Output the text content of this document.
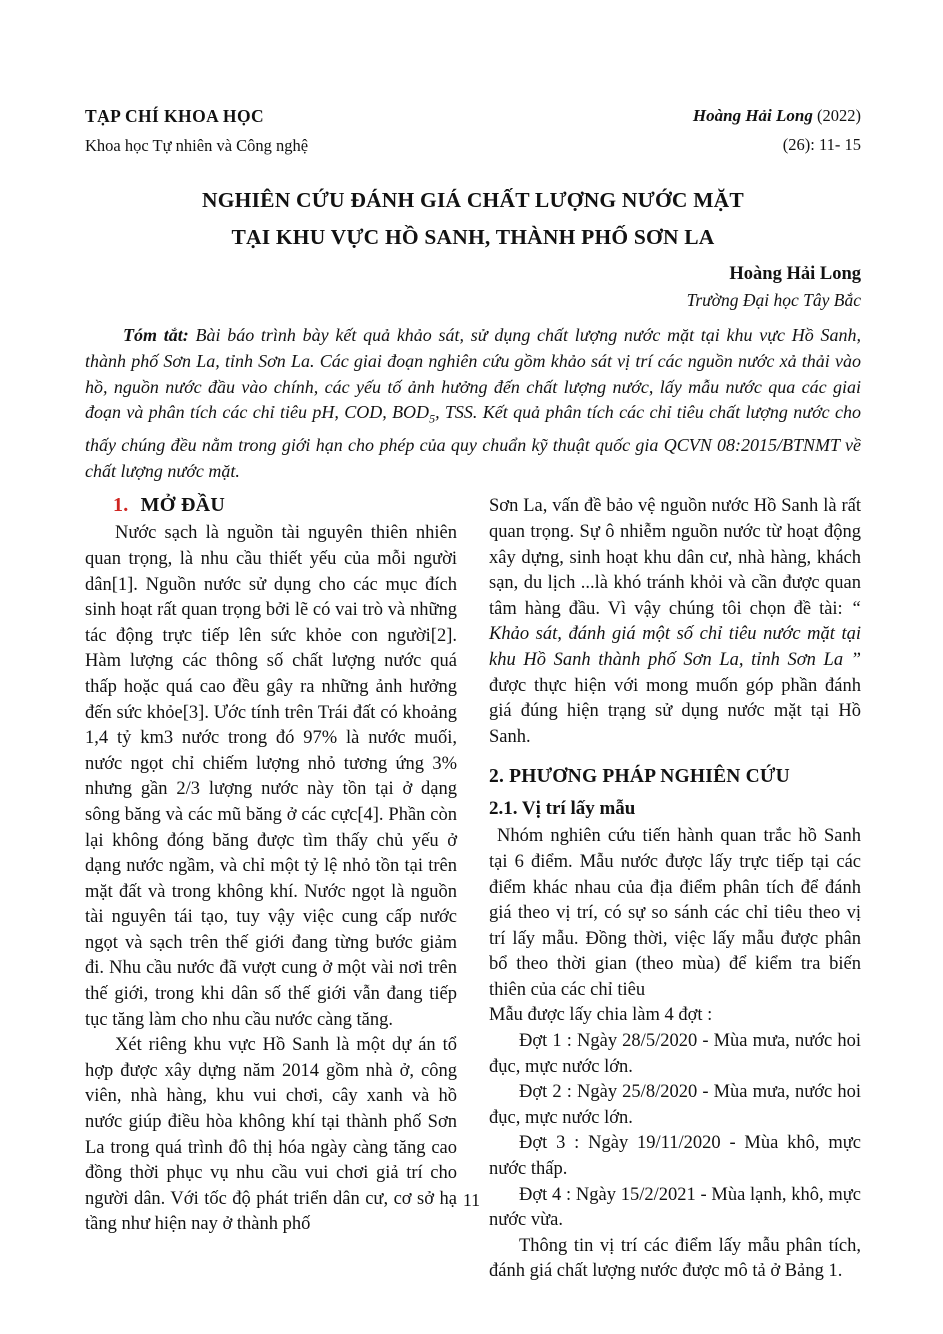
TẠP CHÍ KHOA HỌC
Khoa học Tự nhiên và Công nghệ
Hoàng Hải Long (2022)
(26): 11- 15
NGHIÊN CỨU ĐÁNH GIÁ CHẤT LƯỢNG NƯỚC MẶT
TẠI KHU VỰC HỒ SANH, THÀNH PHỐ SƠN LA
Hoàng Hải Long
Trường Đại học Tây Bắc

Tóm tắt: Bài báo trình bày kết quả khảo sát, sử dụng chất lượng nước mặt tại khu vực Hồ Sanh, thành phố Sơn La, tỉnh Sơn La. Các giai đoạn nghiên cứu gồm khảo sát vị trí các nguồn nước xả thải vào hồ, nguồn nước đầu vào chính, các yếu tố ảnh hưởng đến chất lượng nước, lấy mẫu nước qua các giai đoạn và phân tích các chỉ tiêu pH, COD, $BOD_5$, TSS. Kết quả phân tích các chỉ tiêu chất lượng nước cho thấy chúng đều nằm trong giới hạn cho phép của quy chuẩn kỹ thuật quốc gia QCVN 08:2015/BTNMT về chất lượng nước mặt.

1. MỞ ĐẦU

Nước sạch là nguồn tài nguyên thiên nhiên quan trọng, là nhu cầu thiết yếu của mỗi người dân[1]. Nguồn nước sử dụng cho các mục đích sinh hoạt rất quan trọng bởi lẽ có vai trò và những tác động trực tiếp lên sức khỏe con người[2]. Hàm lượng các thông số chất lượng nước quá thấp hoặc quá cao đều gây ra những ảnh hưởng đến sức khỏe[3]. Ước tính trên Trái đất có khoảng 1,4 tỷ km3 nước trong đó 97% là nước muối, nước ngọt chỉ chiếm lượng nhỏ tương ứng 3% nhưng gần 2/3 lượng nước này tồn tại ở dạng sông băng và các mũ băng ở các cực[4]. Phần còn lại không đóng băng được tìm thấy chủ yếu ở dạng nước ngầm, và chỉ một tỷ lệ nhỏ tồn tại trên mặt đất và trong không khí. Nước ngọt là nguồn tài nguyên tái tạo, tuy vậy việc cung cấp nước ngọt và sạch trên thế giới đang từng bước giảm đi. Nhu cầu nước đã vượt cung ở một vài nơi trên thế giới, trong khi dân số thế giới vẫn đang tiếp tục tăng làm cho nhu cầu nước càng tăng.

Xét riêng khu vực Hồ Sanh là một dự án tổ hợp được xây dựng năm 2014 gồm nhà ở, công viên, nhà hàng, khu vui chơi, cây xanh và hồ nước giúp điều hòa không khí tại thành phố Sơn La trong quá trình đô thị hóa ngày càng tăng cao đồng thời phục vụ nhu cầu vui chơi giả trí cho người dân. Với tốc độ phát triển dân cư, cơ sở hạ tầng như hiện nay ở thành phố

Sơn La, vấn đề bảo vệ nguồn nước Hồ Sanh là rất quan trọng. Sự ô nhiễm nguồn nước từ hoạt động xây dựng, sinh hoạt khu dân cư, nhà hàng, khách sạn, du lịch ...là khó tránh khỏi và cần được quan tâm hàng đầu. Vì vậy chúng tôi chọn đề tài: “ Khảo sát, đánh giá một số chỉ tiêu nước mặt tại khu Hồ Sanh thành phố Sơn La, tỉnh Sơn La ” được thực hiện với mong muốn góp phần đánh giá đúng hiện trạng sử dụng nước mặt tại Hồ Sanh.

2. PHƯƠNG PHÁP NGHIÊN CỨU
2.1. Vị trí lấy mẫu

Nhóm nghiên cứu tiến hành quan trắc hồ Sanh tại 6 điểm. Mẫu nước được lấy trực tiếp tại các điểm khác nhau của địa điểm phân tích để đánh giá theo vị trí, có sự so sánh các chỉ tiêu theo vị trí lấy mẫu. Đồng thời, việc lấy mẫu được phân bổ theo thời gian (theo mùa) để kiểm tra biến thiên của các chỉ tiêu

Mẫu được lấy chia làm 4 đợt :

Đợt 1 : Ngày 28/5/2020 - Mùa mưa, nước hoi đục, mực nước lớn.

Đợt 2 : Ngày 25/8/2020 - Mùa mưa, nước hoi đục, mực nước lớn.

Đợt 3 : Ngày 19/11/2020 - Mùa khô, mực nước thấp.

Đợt 4 : Ngày 15/2/2021 - Mùa lạnh, khô, mực nước vừa.

Thông tin vị trí các điểm lấy mẫu phân tích, đánh giá chất lượng nước được mô tả ở Bảng 1.

11
